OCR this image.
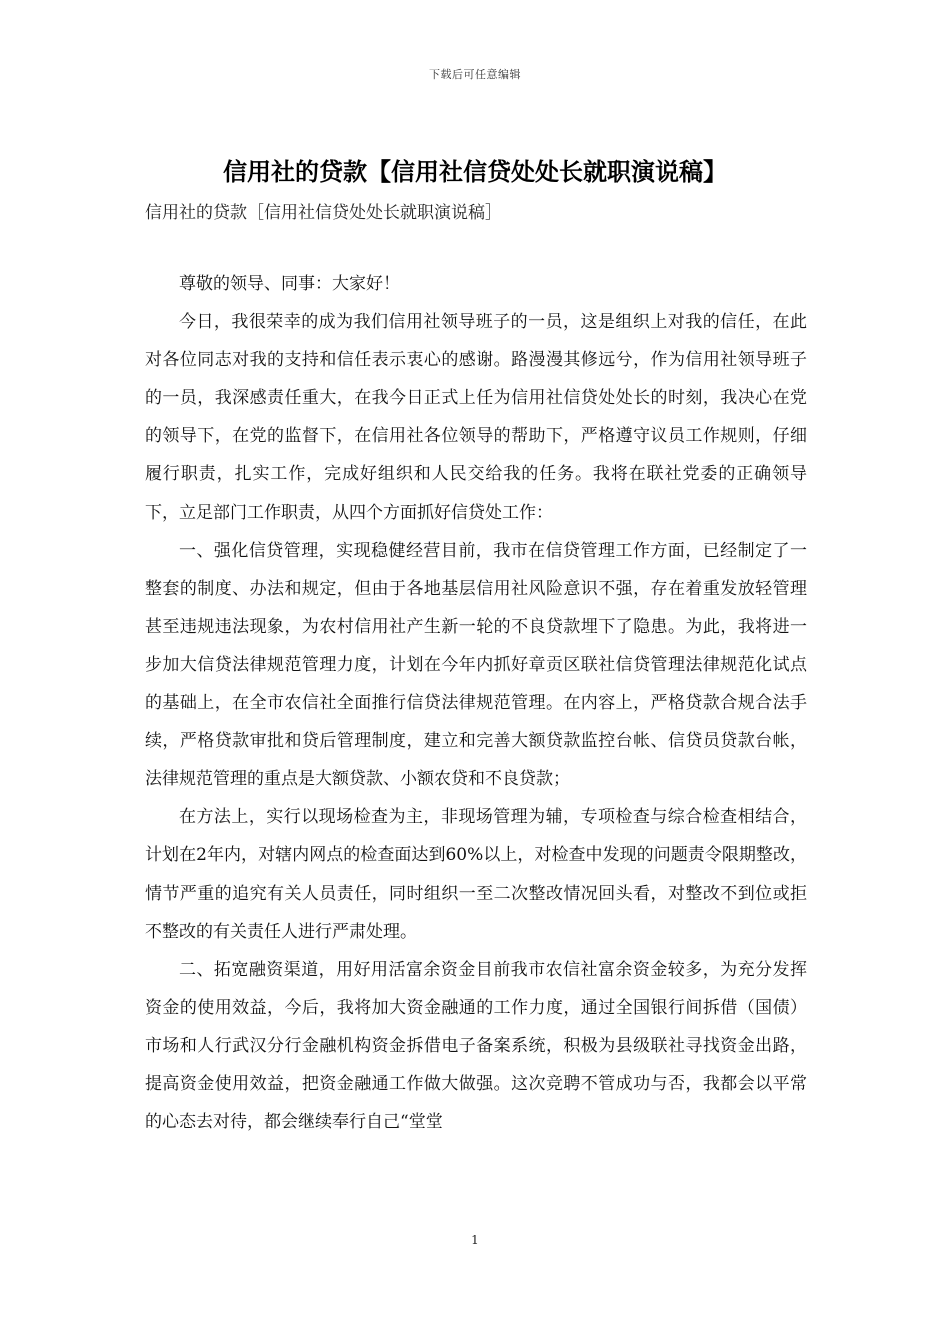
下载后可任意编辑
信用社的贷款【信用社信贷处处长就职演说稿】
信用社的贷款［信用社信贷处处长就职演说稿］

尊敬的领导、同事：大家好！

今日，我很荣幸的成为我们信用社领导班子的一员，这是组织上对我的信任，在此对各位同志对我的支持和信任表示衷心的感谢。路漫漫其修远兮，作为信用社领导班子的一员，我深感责任重大，在我今日正式上任为信用社信贷处处长的时刻，我决心在党的领导下，在党的监督下，在信用社各位领导的帮助下，严格遵守议员工作规则，仔细履行职责，扎实工作，完成好组织和人民交给我的任务。我将在联社党委的正确领导下，立足部门工作职责，从四个方面抓好信贷处工作：

一、强化信贷管理，实现稳健经营目前，我市在信贷管理工作方面，已经制定了一整套的制度、办法和规定，但由于各地基层信用社风险意识不强，存在着重发放轻管理甚至违规违法现象，为农村信用社产生新一轮的不良贷款埋下了隐患。为此，我将进一步加大信贷法律规范管理力度，计划在今年内抓好章贡区联社信贷管理法律规范化试点的基础上，在全市农信社全面推行信贷法律规范管理。在内容上，严格贷款合规合法手续，严格贷款审批和贷后管理制度，建立和完善大额贷款监控台帐、信贷员贷款台帐，法律规范管理的重点是大额贷款、小额农贷和不良贷款；

在方法上，实行以现场检查为主，非现场管理为辅，专项检查与综合检查相结合，计划在2年内，对辖内网点的检查面达到60%以上，对检查中发现的问题责令限期整改，情节严重的追究有关人员责任，同时组织一至二次整改情况回头看，对整改不到位或拒不整改的有关责任人进行严肃处理。

二、拓宽融资渠道，用好用活富余资金目前我市农信社富余资金较多，为充分发挥资金的使用效益，今后，我将加大资金融通的工作力度，通过全国银行间拆借（国债）市场和人行武汉分行金融机构资金拆借电子备案系统，积极为县级联社寻找资金出路，提高资金使用效益，把资金融通工作做大做强。这次竞聘不管成功与否，我都会以平常的心态去对待，都会继续奉行自己“堂堂

1
